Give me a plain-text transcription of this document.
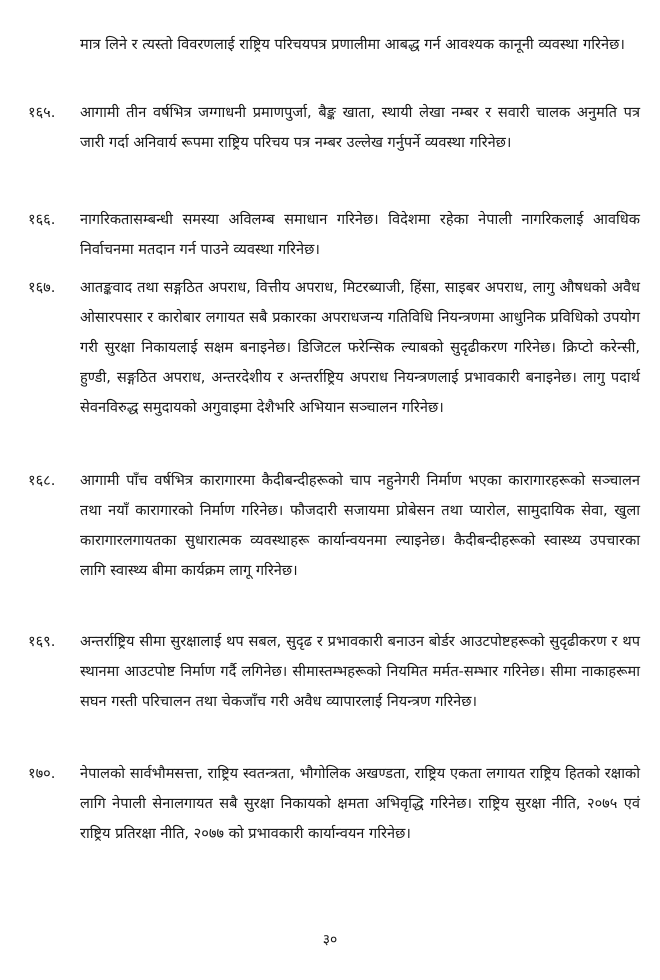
मात्र लिने र त्यस्तो विवरणलाई राष्ट्रिय परिचयपत्र प्रणालीमा आबद्ध गर्न आवश्यक कानूनी व्यवस्था गरिनेछ।

१६५.	आगामी तीन वर्षभित्र जग्गाधनी प्रमाणपुर्जा, बैङ्क खाता, स्थायी लेखा नम्बर र सवारी चालक अनुमति पत्र जारी गर्दा अनिवार्य रूपमा राष्ट्रिय परिचय पत्र नम्बर उल्लेख गर्नुपर्ने व्यवस्था गरिनेछ।

१६६.	नागरिकतासम्बन्धी समस्या अविलम्ब समाधान गरिनेछ। विदेशमा रहेका नेपाली नागरिकलाई आवधिक निर्वाचनमा मतदान गर्न पाउने व्यवस्था गरिनेछ।

१६७.	आतङ्कवाद तथा सङ्गठित अपराध, वित्तीय अपराध, मिटरब्याजी, हिंसा, साइबर अपराध, लागु औषधको अवैध ओसारपसार र कारोबार लगायत सबै प्रकारका अपराधजन्य गतिविधि नियन्त्रणमा आधुनिक प्रविधिको उपयोग गरी सुरक्षा निकायलाई सक्षम बनाइनेछ। डिजिटल फरेन्सिक ल्याबको सुदृढीकरण गरिनेछ। क्रिप्टो करेन्सी, हुण्डी, सङ्गठित अपराध, अन्तरदेशीय र अन्तर्राष्ट्रिय अपराध नियन्त्रणलाई प्रभावकारी बनाइनेछ। लागु पदार्थ सेवनविरुद्ध समुदायको अगुवाइमा देशैभरि अभियान सञ्चालन गरिनेछ।

१६८.	आगामी पाँच वर्षभित्र कारागारमा कैदीबन्दीहरूको चाप नहुनेगरी निर्माण भएका कारागारहरूको सञ्चालन तथा नयाँ कारागारको निर्माण गरिनेछ। फौजदारी सजायमा प्रोबेसन तथा प्यारोल, सामुदायिक सेवा, खुला कारागारलगायतका सुधारात्मक व्यवस्थाहरू कार्यान्वयनमा ल्याइनेछ। कैदीबन्दीहरूको स्वास्थ्य उपचारका लागि स्वास्थ्य बीमा कार्यक्रम लागू गरिनेछ।

१६९.	अन्तर्राष्ट्रिय सीमा सुरक्षालाई थप सबल, सुदृढ र प्रभावकारी बनाउन बोर्डर आउटपोष्टहरूको सुदृढीकरण र थप स्थानमा आउटपोष्ट निर्माण गर्दै लगिनेछ। सीमास्तम्भहरूको नियमित मर्मत-सम्भार गरिनेछ। सीमा नाकाहरूमा सघन गस्ती परिचालन तथा चेकजाँच गरी अवैध व्यापारलाई नियन्त्रण गरिनेछ।

१७०.	नेपालको सार्वभौमसत्ता, राष्ट्रिय स्वतन्त्रता, भौगोलिक अखण्डता, राष्ट्रिय एकता लगायत राष्ट्रिय हितको रक्षाको लागि नेपाली सेनालगायत सबै सुरक्षा निकायको क्षमता अभिवृद्धि गरिनेछ। राष्ट्रिय सुरक्षा नीति, २०७५ एवं राष्ट्रिय प्रतिरक्षा नीति, २०७७ को प्रभावकारी कार्यान्वयन गरिनेछ।

३०
